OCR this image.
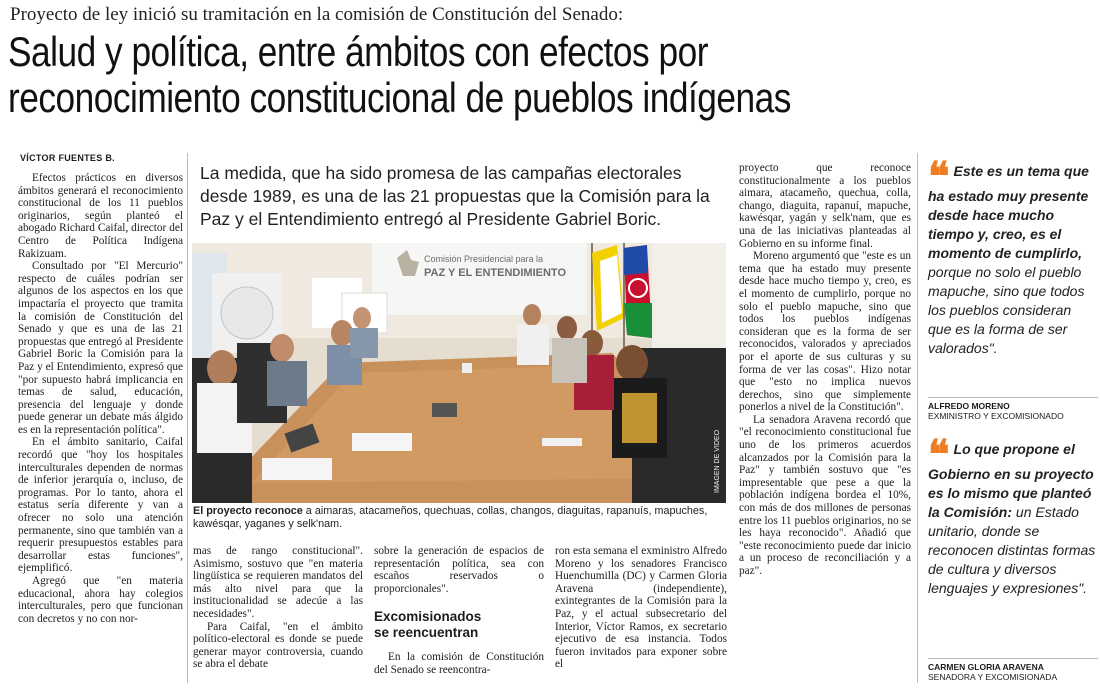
Proyecto de ley inició su tramitación en la comisión de Constitución del Senado:
Salud y política, entre ámbitos con efectos por
reconocimiento constitucional de pueblos indígenas
VÍCTOR FUENTES B.

Efectos prácticos en diversos ámbitos generará el reconocimiento constitucional de los 11 pueblos originarios, según planteó el abogado Richard Caifal, director del Centro de Política Indígena Rakizuam.

Consultado por "El Mercurio" respecto de cuáles podrían ser algunos de los aspectos en los que impactaría el proyecto que tramita la comisión de Constitución del Senado y que es una de las 21 propuestas que entregó al Presidente Gabriel Boric la Comisión para la Paz y el Entendimiento, expresó que "por supuesto habrá implicancia en temas de salud, educación, presencia del lenguaje y donde puede generar un debate más álgido es en la representación política".

En el ámbito sanitario, Caifal recordó que "hoy los hospitales interculturales dependen de normas de inferior jerarquía o, incluso, de programas. Por lo tanto, ahora el estatus sería diferente y van a ofrecer no solo una atención permanente, sino que también van a requerir presupuestos estables para desarrollar estas funciones", ejemplificó.

Agregó que "en materia educacional, ahora hay colegios interculturales, pero que funcionan con decretos y no con nor-

La medida, que ha sido promesa de las campañas electorales desde 1989, es una de las 21 propuestas que la Comisión para la Paz y el Entendimiento entregó al Presidente Gabriel Boric.
Comisión Presidencial para la
PAZ Y EL ENTENDIMIENTO
IMAGEN DE VIDEO
El proyecto reconoce a aimaras, atacameños, quechuas, collas, changos, diaguitas, rapanuís, mapuches, kawésqar, yaganes y selk'nam.

mas de rango constitucional". Asimismo, sostuvo que "en materia lingüística se requieren mandatos del más alto nivel para que la institucionalidad se adecúe a las necesidades".

Para Caifal, "en el ámbito político-electoral es donde se puede generar mayor controversia, cuando se abra el debate

sobre la generación de espacios de representación política, sea con escaños reservados o proporcionales".

Excomisionados
se reencuentran

En la comisión de Constitución del Senado se reencontra-

ron esta semana el exministro Alfredo Moreno y los senadores Francisco Huenchumilla (DC) y Carmen Gloria Aravena (independiente), exintegrantes de la Comisión para la Paz, y el actual subsecretario del Interior, Víctor Ramos, ex secretario ejecutivo de esa instancia. Todos fueron invitados para exponer sobre el

proyecto que reconoce constitucionalmente a los pueblos aimara, atacameño, quechua, colla, chango, diaguita, rapanuí, mapuche, kawésqar, yagán y selk'nam, que es una de las iniciativas planteadas al Gobierno en su informe final.

Moreno argumentó que "este es un tema que ha estado muy presente desde hace mucho tiempo y, creo, es el momento de cumplirlo, porque no solo el pueblo mapuche, sino que todos los pueblos indígenas consideran que es la forma de ser reconocidos, valorados y apreciados por el aporte de sus culturas y su forma de ver las cosas". Hizo notar que "esto no implica nuevos derechos, sino que simplemente ponerlos a nivel de la Constitución".

La senadora Aravena recordó que "el reconocimiento constitucional fue uno de los primeros acuerdos alcanzados por la Comisión para la Paz" y también sostuvo que "es impresentable que pese a que la población indígena bordea el 10%, con más de dos millones de personas entre los 11 pueblos originarios, no se les haya reconocido". Añadió que "este reconocimiento puede dar inicio a un proceso de reconciliación y a paz".

❝ Este es un tema que ha estado muy presente desde hace mucho tiempo y, creo, es el momento de cumplirlo, porque no solo el pueblo mapuche, sino que todos los pueblos consideran que es la forma de ser valorados".
ALFREDO MORENO
EXMINISTRO Y EXCOMISIONADO
❝ Lo que propone el Gobierno en su proyecto es lo mismo que planteó la Comisión: un Estado unitario, donde se reconocen distintas formas de cultura y diversos lenguajes y expresiones".
CARMEN GLORIA ARAVENA
SENADORA Y EXCOMISIONADA
